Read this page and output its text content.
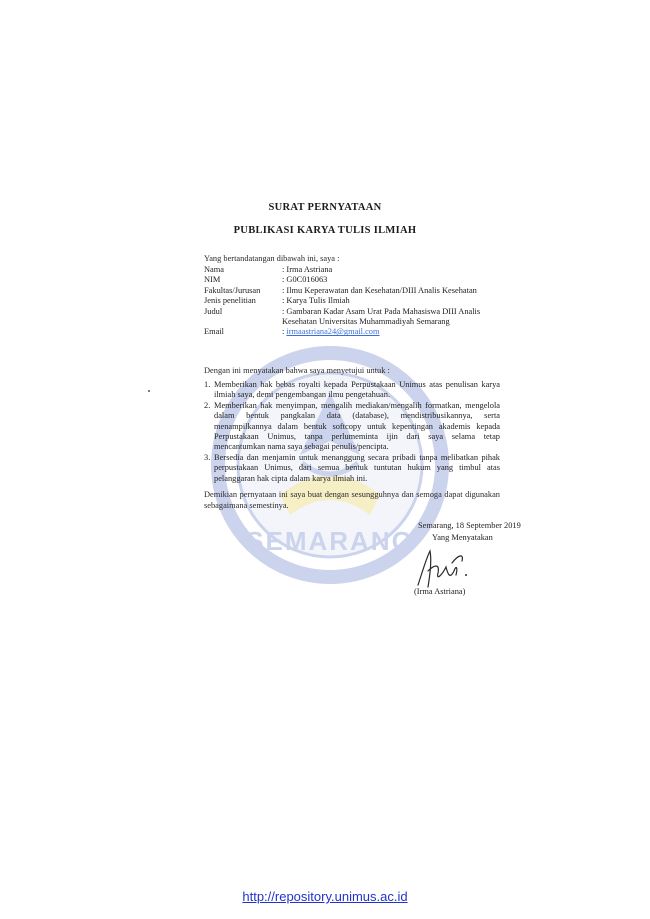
SEMARANG
SURAT PERNYATAAN
PUBLIKASI KARYA TULIS ILMIAH
Yang bertandatangan dibawah ini, saya :
Nama	: Irma Astriana
NIM	: G0C016063
Fakultas/Jurusan	: Ilmu Keperawatan dan Kesehatan/DIII Analis Kesehatan
Jenis penelitian	: Karya Tulis Ilmiah
Judul	: Gambaran Kadar Asam Urat Pada Mahasiswa DIII Analis
Kesehatan Universitas Muhammadiyah Semarang
Email	: irmaastriana24@gmail.com
Dengan ini menyatakan bahwa saya menyetujui untuk :
1. Memberikan hak bebas royalti kepada Perpustakaan Unimus atas penulisan karya ilmiah saya, demi pengembangan ilmu pengetahuan.
2. Memberikan hak menyimpan, mengalih mediakan/mengalih formatkan, mengelola dalam bentuk pangkalan data (database), mendistribusikannya, serta menampilkannya dalam bentuk softcopy untuk kepentingan akademis kepada Perpustakaan Unimus, tanpa perlumeminta ijin dari saya selama tetap mencantumkan nama saya sebagai penulis/pencipta.
3. Bersedia dan menjamin untuk menanggung secara pribadi tanpa melibatkan pihak perpustakaan Unimus, dari semua bentuk tuntutan hukum yang timbul atas pelanggaran hak cipta dalam karya ilmiah ini.
Demikian pernyataan ini saya buat dengan sesungguhnya dan semoga dapat digunakan sebagaimana semestinya.
Semarang, 18 September 2019
Yang Menyatakan
(Irma Astriana)
http://repository.unimus.ac.id
